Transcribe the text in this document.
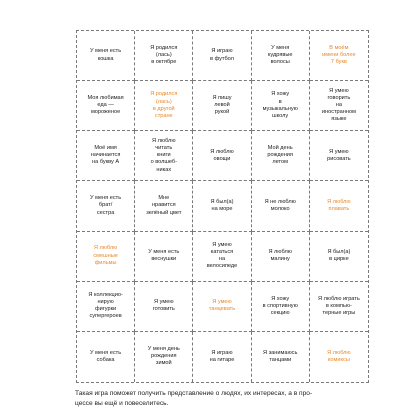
У меня есть
кошка
Я родился
(лась)
в октябре
Я играю
в футбол
У меня
кудрявые
волосы
В моём
имени более
7 букв
Моя любимая
еда —
мороженое
Я родился
(лась)
в другой
стране
Я пишу
левой
рукой
Я хожу
в
музыкальную
школу
Я умею
говорить
на
иностранном
языке
Моё имя
начинается
на букву А
Я люблю
читать
книги
о волшеб-
никах
Я люблю
овощи
Мой день
рождения
летом
Я умею
рисовать
У меня есть
брат/
сестра
Мне
нравится
зелёный цвет
Я был(а)
на море
Я не люблю
молоко
Я люблю
плавать
Я люблю
смешные
фильмы
У меня есть
веснушки
Я умею
кататься
на
велосипеде
Я люблю
малину
Я был(а)
в цирке
Я коллекцио-
нирую
фигурки
супергероев
Я умею
готовить
Я умею
танцевать
Я хожу
в спортивную
секцию
Я люблю играть
в компью-
терные игры
У меня есть
собака
У меня день
рождения
зимой
Я играю
на гитаре
Я занимаюсь
танцами
Я люблю
комиксы
Такая игра поможет получить представление о людях, их интересах, а в про-
цессе вы ещё и повеселитесь.
